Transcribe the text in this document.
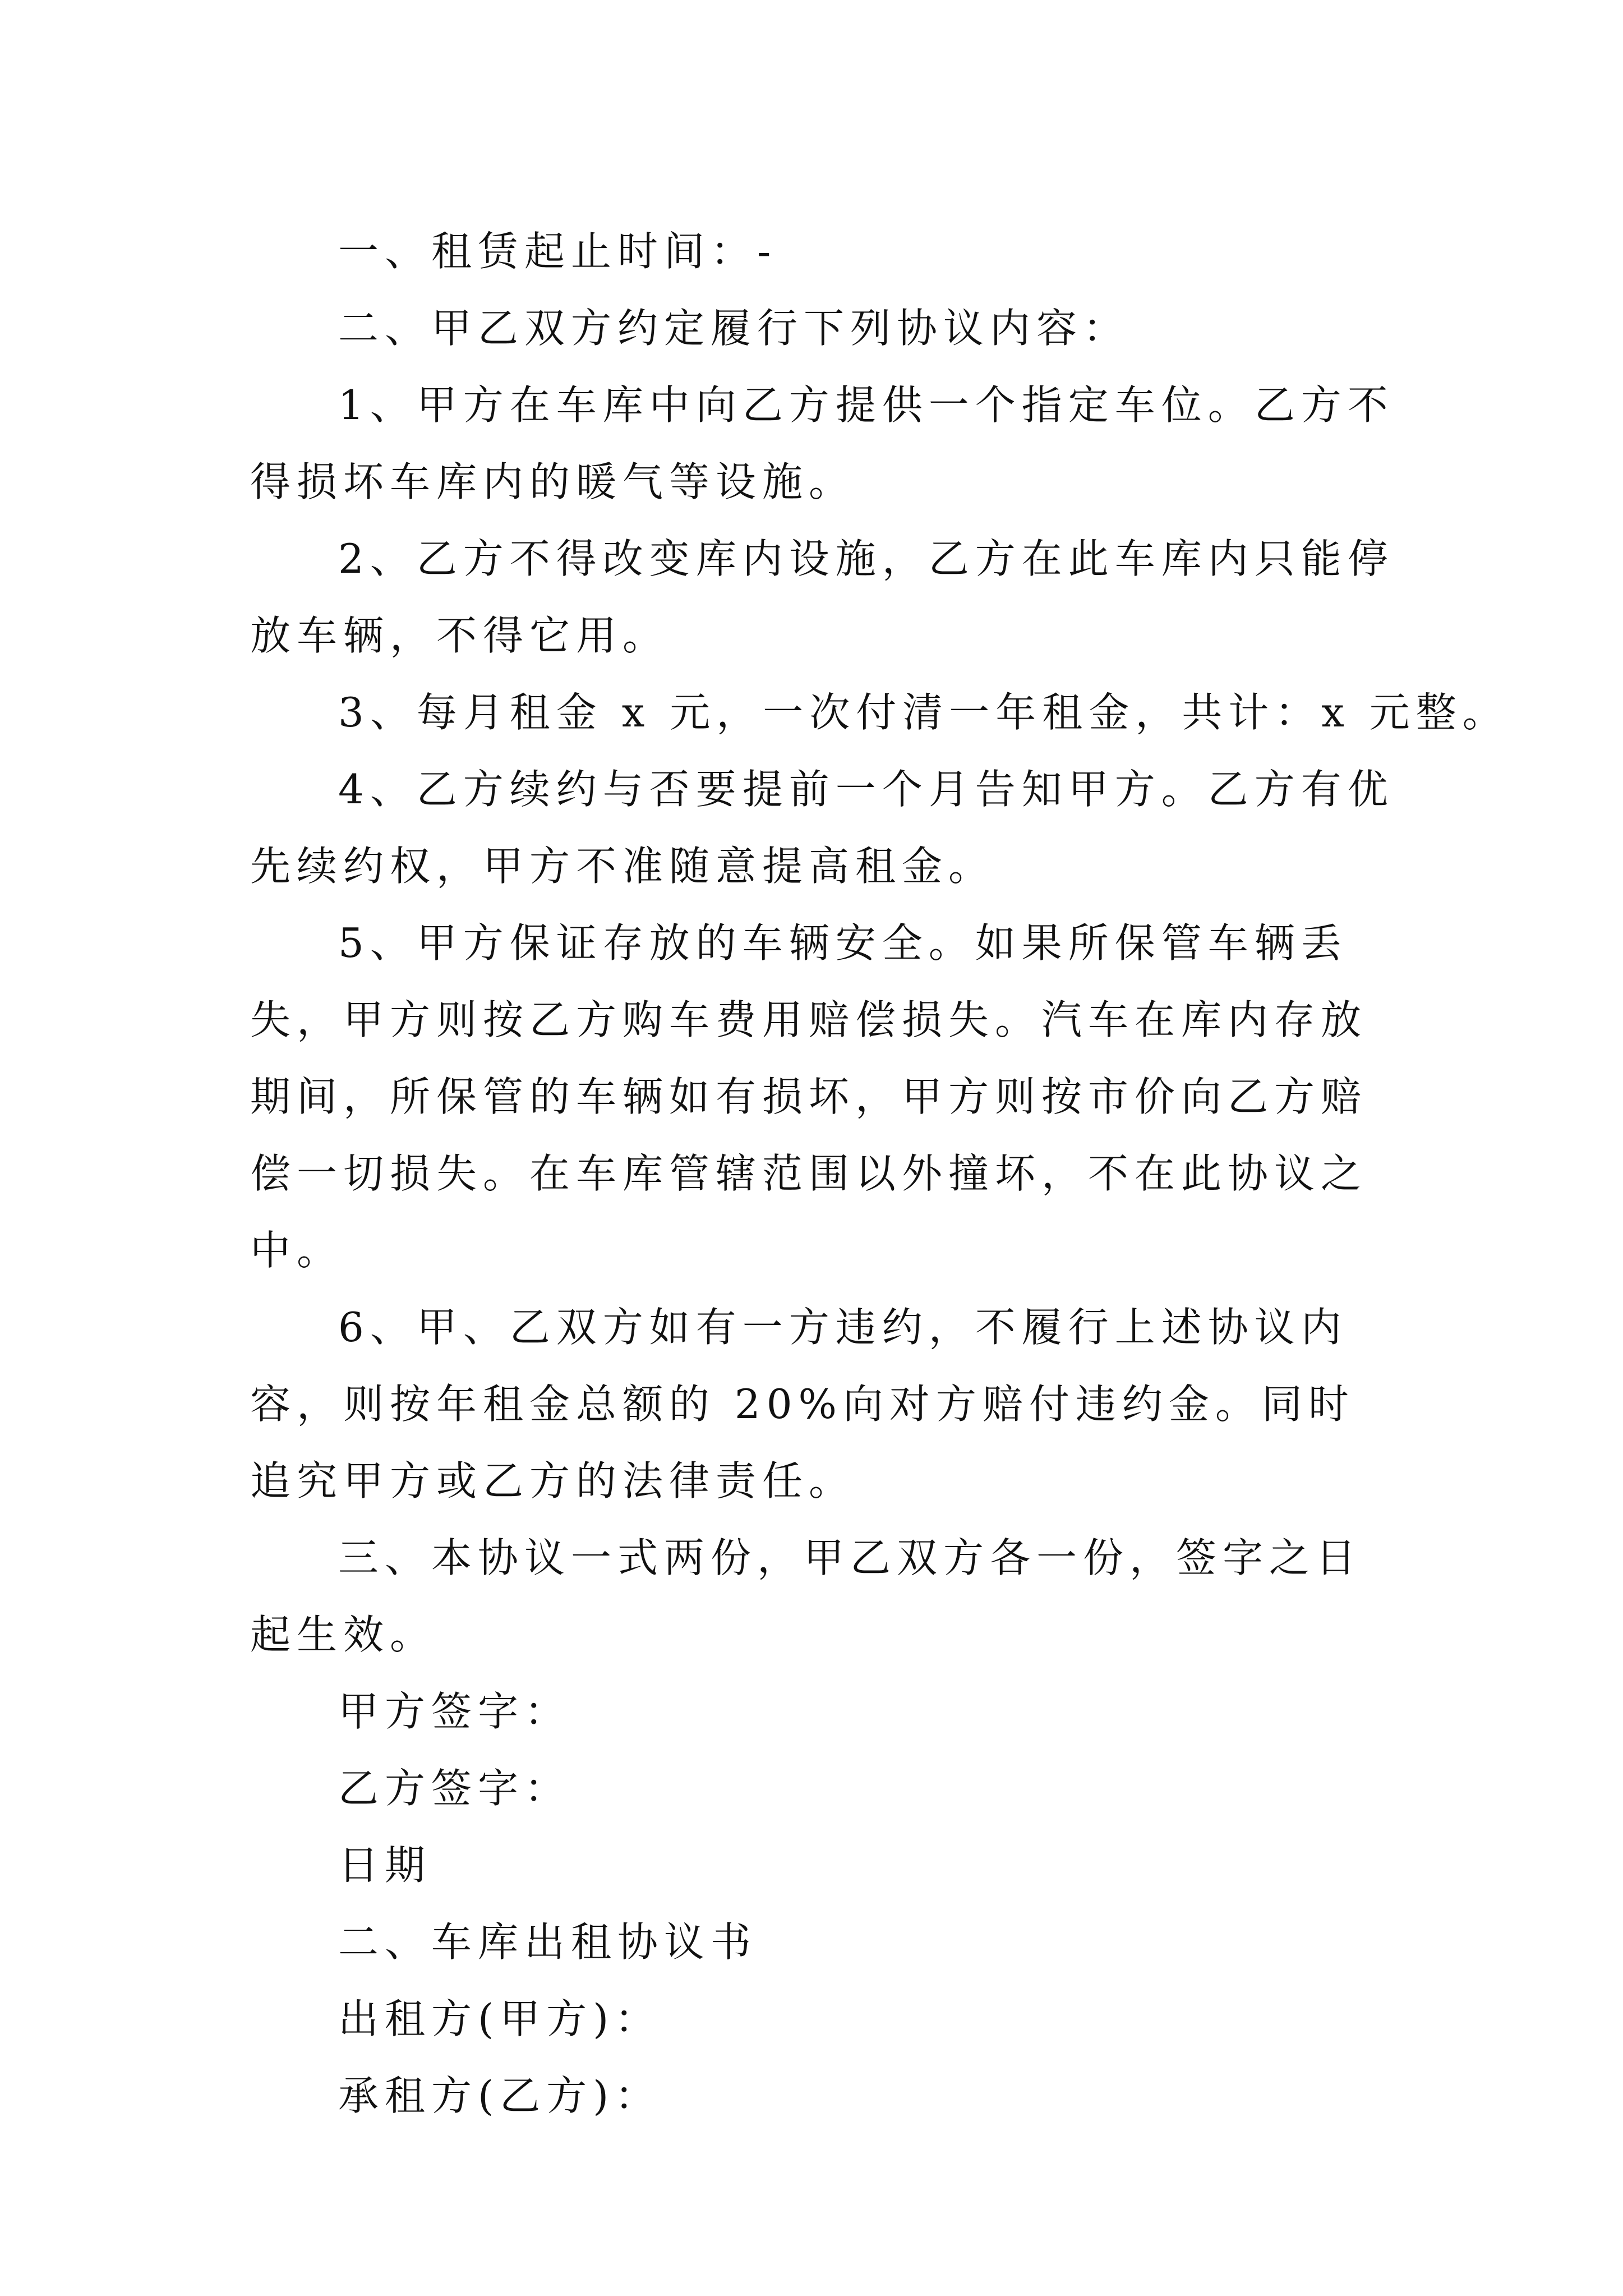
一、租赁起止时间：-

二、甲乙双方约定履行下列协议内容：

1、甲方在车库中向乙方提供一个指定车位。乙方不得损坏车库内的暖气等设施。

2、乙方不得改变库内设施，乙方在此车库内只能停放车辆，不得它用。

3、每月租金 x 元，一次付清一年租金，共计：x 元整。

4、乙方续约与否要提前一个月告知甲方。乙方有优先续约权，甲方不准随意提高租金。

5、甲方保证存放的车辆安全。如果所保管车辆丢失，甲方则按乙方购车费用赔偿损失。汽车在库内存放期间，所保管的车辆如有损坏，甲方则按市价向乙方赔偿一切损失。在车库管辖范围以外撞坏，不在此协议之中。

6、甲、乙双方如有一方违约，不履行上述协议内容，则按年租金总额的 20%向对方赔付违约金。同时追究甲方或乙方的法律责任。

三、本协议一式两份，甲乙双方各一份，签字之日起生效。

甲方签字：

乙方签字：

日期

二、车库出租协议书

出租方(甲方)：

承租方(乙方)：
